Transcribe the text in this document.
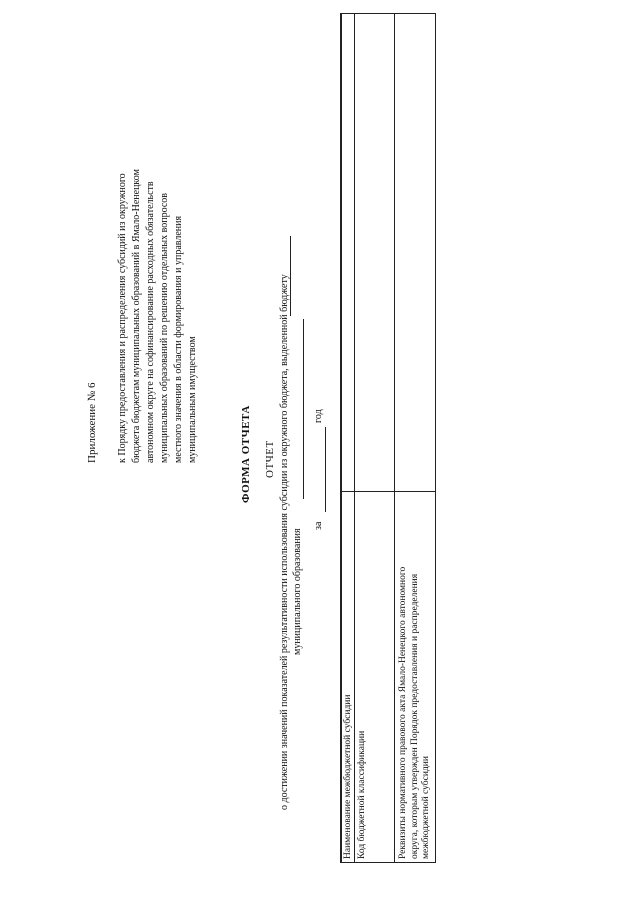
Приложение № 6 к Порядку предоставления и распределения субсидий из окружного бюджета бюджетам муниципальных образований в Ямало-Ненецком автономном округе на софинансирование расходных обязательств муниципальных образований по решению отдельных вопросов местного значения в области формирования и управления муниципальным имуществом	ФОРМА ОТЧЕТА ОТЧЕТ о достижении значений показателей результативности использования субсидии из окружного бюджета, выделенной бюджету муниципального образования
за
год
Наименование межбюджетной субсидии Код бюджетной классификации	Реквизиты нормативного правового акта Ямало-Ненецкого автономного округа, которым утвержден Порядок предоставления и распределения межбюджетной субсидии
